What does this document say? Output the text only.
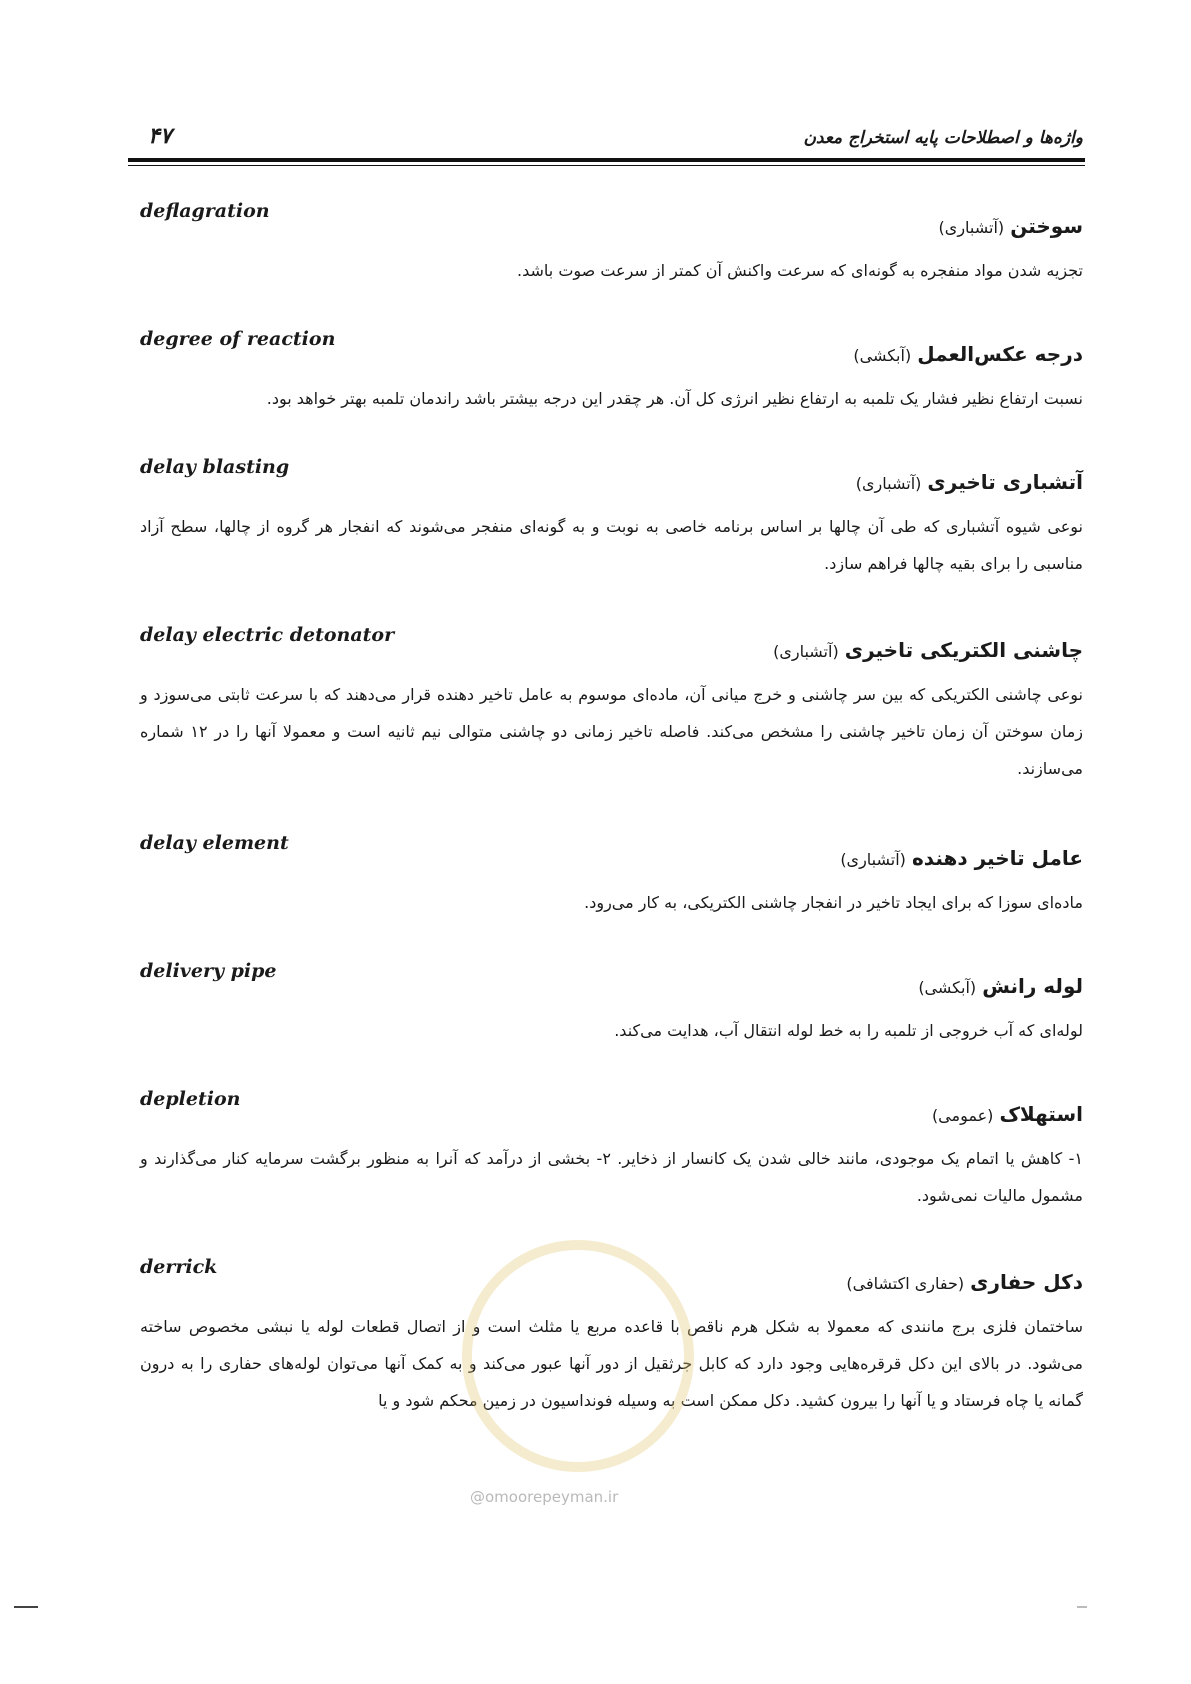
واژه‌ها و اصطلاحات پایه استخراج معدن
۴۷
deflagration
سوختن (آتشباری)
تجزیه شدن مواد منفجره به گونه‌ای که سرعت واکنش آن کمتر از سرعت صوت باشد.
degree of reaction
درجه عکس‌العمل (آبکشی)
نسبت ارتفاع نظیر فشار یک تلمبه به ارتفاع نظیر انرژی کل آن. هر چقدر این درجه بیشتر باشد راندمان تلمبه بهتر خواهد بود.
delay blasting
آتشباری تاخیری (آتشباری)
نوعی شیوه آتشباری که طی آن چالها بر اساس برنامه خاصی به نوبت و به گونه‌ای منفجر می‌شوند که انفجار هر گروه از چالها، سطح آزاد مناسبی را برای بقیه چالها فراهم سازد.
delay electric detonator
چاشنی الکتریکی تاخیری (آتشباری)
نوعی چاشنی الکتریکی که بین سر چاشنی و خرج میانی آن، ماده‌ای موسوم به عامل تاخیر دهنده قرار می‌دهند که با سرعت ثابتی می‌سوزد و زمان سوختن آن زمان تاخیر چاشنی را مشخص می‌کند. فاصله تاخیر زمانی دو چاشنی متوالی نیم ثانیه است و معمولا آنها را در ۱۲ شماره می‌سازند.
delay element
عامل تاخیر دهنده (آتشباری)
ماده‌ای سوزا که برای ایجاد تاخیر در انفجار چاشنی الکتریکی، به کار می‌رود.
delivery pipe
لوله رانش (آبکشی)
لوله‌ای که آب خروجی از تلمبه را به خط لوله انتقال آب، هدایت می‌کند.
depletion
استهلاک (عمومی)
۱- کاهش یا اتمام یک موجودی، مانند خالی شدن یک کانسار از ذخایر. ۲- بخشی از درآمد که آنرا به منظور برگشت سرمایه کنار می‌گذارند و مشمول مالیات نمی‌شود.
derrick
دکل حفاری (حفاری اکتشافی)
ساختمان فلزی برج مانندی که معمولا به شکل هرم ناقص با قاعده مربع یا مثلث است و از اتصال قطعات لوله یا نبشی مخصوص ساخته می‌شود. در بالای این دکل قرقره‌هایی وجود دارد که کابل جرثقیل از دور آنها عبور می‌کند و به کمک آنها می‌توان لوله‌های حفاری را به درون گمانه یا چاه فرستاد و یا آنها را بیرون کشید. دکل ممکن است به وسیله فونداسیون در زمین محکم شود و یا
@omoorepeyman.ir
